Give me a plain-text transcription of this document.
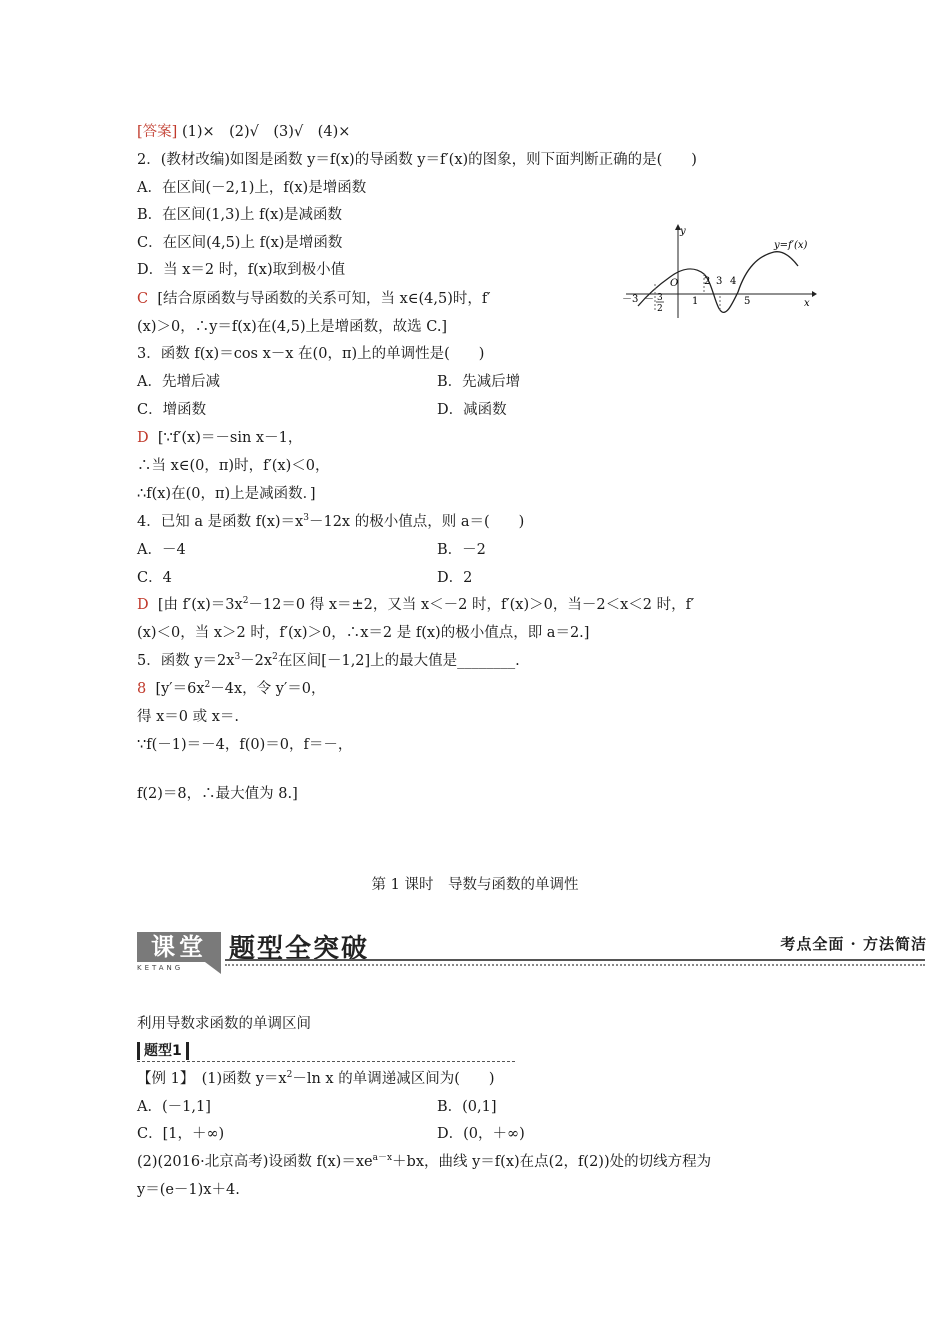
[答案] (1)×　(2)√　(3)√　(4)×
2．(教材改编)如图是函数 y＝f(x)的导函数 y＝f′(x)的图象，则下面判断正确的是(　　)
A．在区间(－2,1)上，f(x)是增函数
B．在区间(1,3)上 f(x)是减函数
C．在区间(4,5)上 f(x)是增函数
D．当 x＝2 时，f(x)取到极小值
C [结合原函数与导函数的关系可知，当 x∈(4,5)时，f′
(x)＞0，∴y＝f(x)在(4,5)上是增函数，故选 C.]
y
x
y=f′(x)
－3 － 3
2
O
1
2 3 4
5
3．函数 f(x)＝cos x－x 在(0，π)上的单调性是(　　)
A．先增后减	B．先减后增
C．增函数	D．减函数
D [∵f′(x)＝－sin x－1，
∴当 x∈(0，π)时，f′(x)＜0，
∴f(x)在(0，π)上是减函数．]
4．已知 a 是函数 $f(x)=x^3-12x$ 的极小值点，则 a＝(　　)
A．－4	B．－2
C．4	D．2
D [由 $f'(x)=3x^2-12=0$ 得 x＝±2，又当 x＜－2 时，f′(x)＞0，当－2＜x＜2 时，f′
(x)＜0，当 x＞2 时，f′(x)＞0，∴x＝2 是 f(x)的极小值点，即 a＝2.]
5．函数 $y=2x^3-2x^2$在区间[－1,2]上的最大值是________.
8 [$y'=6x^2-4x$，令 y′＝0，
得 x＝0 或 x＝.
∵f(－1)＝－4，f(0)＝0，f＝－，
f(2)＝8，∴最大值为 8.]
第 1 课时　导数与函数的单调性
课堂
KETANG
题型全突破	考点全面 · 方法简洁
利用导数求函数的单调区间
题型1
【例 1】　(1)函数 $y=x^2-\ln$ x 的单调递减区间为(　　)
A．(－1,1]	B．(0,1]
C．[1，＋∞)	D．(0，＋∞)
(2)(2016·北京高考)设函数 $f(x)=xe^{a-x}+bx$，曲线 y＝f(x)在点(2，f(2))处的切线方程为
y＝(e－1)x＋4.
